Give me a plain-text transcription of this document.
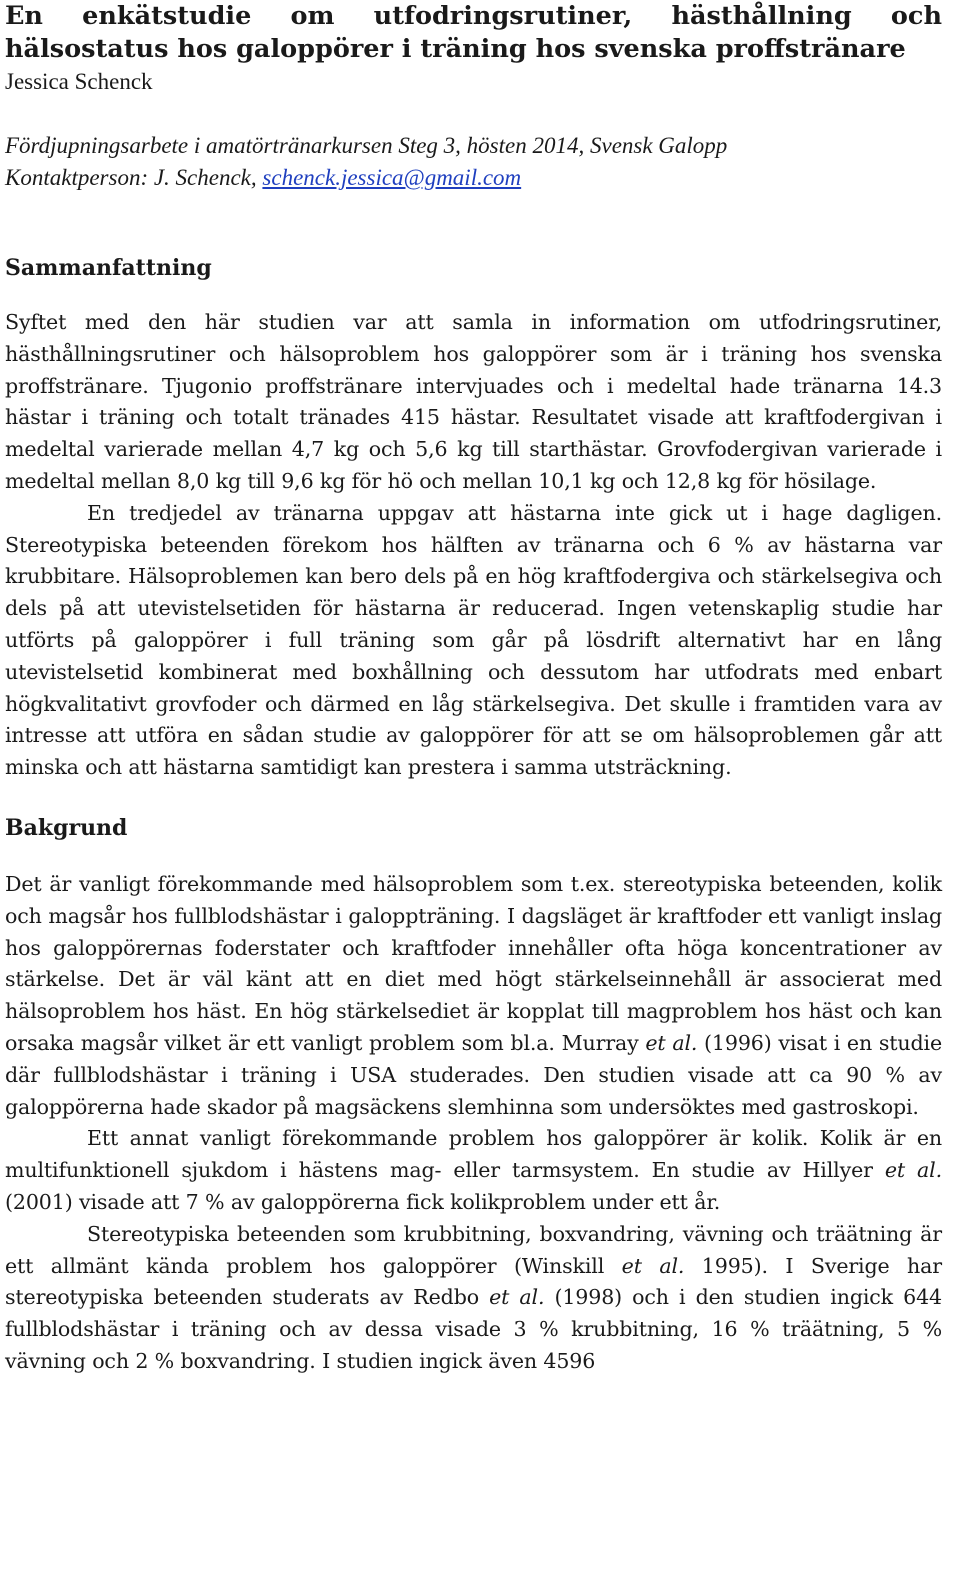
En enkätstudie om utfodringsrutiner, hästhållning och
hälsostatus hos galoppörer i träning hos svenska proffstränare

Jessica Schenck

Fördjupningsarbete i amatörtränarkursen Steg 3, hösten 2014, Svensk Galopp

Kontaktperson: J. Schenck, schenck.jessica@gmail.com

Sammanfattning

Syftet med den här studien var att samla in information om utfodringsrutiner, hästhållningsrutiner och hälsoproblem hos galoppörer som är i träning hos svenska proffstränare. Tjugonio proffstränare intervjuades och i medeltal hade tränarna 14.3 hästar i träning och totalt tränades 415 hästar. Resultatet visade att kraftfodergivan i medeltal varierade mellan 4,7 kg och 5,6 kg till starthästar. Grovfodergivan varierade i medeltal mellan 8,0 kg till 9,6 kg för hö och mellan 10,1 kg och 12,8 kg för hösilage.

En tredjedel av tränarna uppgav att hästarna inte gick ut i hage dagligen. Stereotypiska beteenden förekom hos hälften av tränarna och 6 % av hästarna var krubbitare. Hälsoproblemen kan bero dels på en hög kraftfodergiva och stärkelsegiva och dels på att utevistelsetiden för hästarna är reducerad. Ingen vetenskaplig studie har utförts på galoppörer i full träning som går på lösdrift alternativt har en lång utevistelsetid kombinerat med boxhållning och dessutom har utfodrats med enbart högkvalitativt grovfoder och därmed en låg stärkelsegiva. Det skulle i framtiden vara av intresse att utföra en sådan studie av galoppörer för att se om hälsoproblemen går att minska och att hästarna samtidigt kan prestera i samma utsträckning.

Bakgrund

Det är vanligt förekommande med hälsoproblem som t.ex. stereotypiska beteenden, kolik och magsår hos fullblodshästar i galoppträning. I dagsläget är kraftfoder ett vanligt inslag hos galoppörernas foderstater och kraftfoder innehåller ofta höga koncentrationer av stärkelse. Det är väl känt att en diet med högt stärkelseinnehåll är associerat med hälsoproblem hos häst. En hög stärkelsediet är kopplat till magproblem hos häst och kan orsaka magsår vilket är ett vanligt problem som bl.a. Murray et al. (1996) visat i en studie där fullblodshästar i träning i USA studerades. Den studien visade att ca 90 % av galoppörerna hade skador på magsäckens slemhinna som undersöktes med gastroskopi.

Ett annat vanligt förekommande problem hos galoppörer är kolik. Kolik är en multifunktionell sjukdom i hästens mag- eller tarmsystem. En studie av Hillyer et al. (2001) visade att 7 % av galoppörerna fick kolikproblem under ett år.

Stereotypiska beteenden som krubbitning, boxvandring, vävning och träätning är ett allmänt kända problem hos galoppörer (Winskill et al. 1995). I Sverige har stereotypiska beteenden studerats av Redbo et al. (1998) och i den studien ingick 644 fullblodshästar i träning och av dessa visade 3 % krubbitning, 16 % träätning, 5 % vävning och 2 % boxvandring. I studien ingick även 4596
